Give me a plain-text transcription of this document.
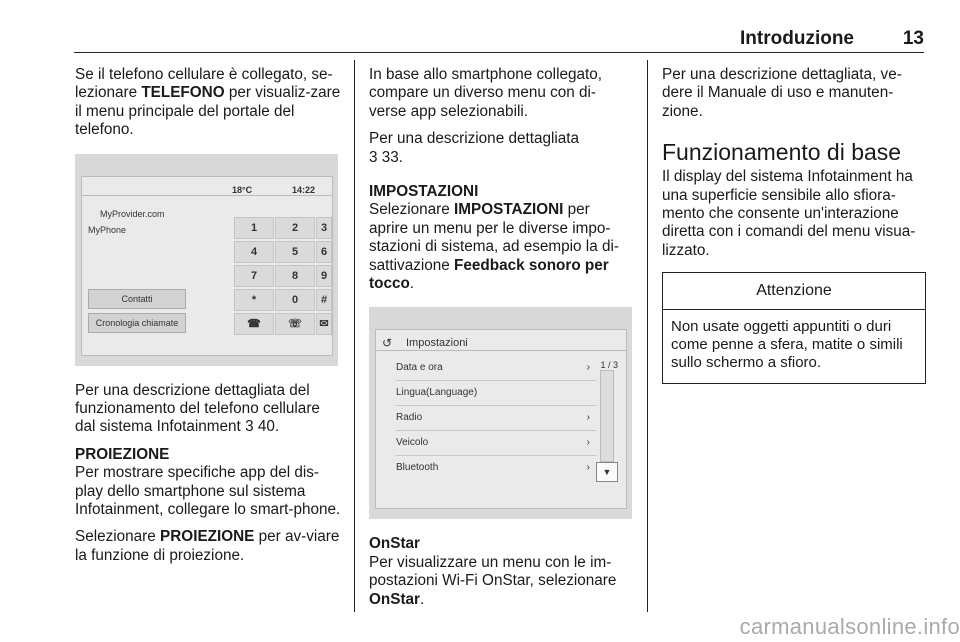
Introduzione	13

Se il telefono cellulare è collegato, se-lezionare TELEFONO per visualiz-zare il menu principale del portale del telefono.

18°C	14:22
MyProvider.com
MyPhone	1	2	3
4	5	6
7	8	9
*	0	#
☎	☏	✉
Contatti
Cronologia chiamate

Per una descrizione dettagliata del funzionamento del telefono cellulare dal sistema Infotainment 3 40.

PROIEZIONE

Per mostrare specifiche app del dis-play dello smartphone sul sistema Infotainment, collegare lo smart-phone.

Selezionare PROIEZIONE per av-viare la funzione di proiezione.

In base allo smartphone collegato, compare un diverso menu con di-verse app selezionabili.

Per una descrizione dettagliata
3 33.

IMPOSTAZIONI

Selezionare IMPOSTAZIONI per aprire un menu per le diverse impo-stazioni di sistema, ad esempio la di-sattivazione Feedback sonoro per tocco.

↺ Impostazioni
1 / 3
Data e ora	›
Lingua(Language)
Radio	›
Veicolo	›
Bluetooth	›	▼

OnStar

Per visualizzare un menu con le im-postazioni Wi-Fi OnStar, selezionare OnStar.

Per una descrizione dettagliata, ve-dere il Manuale di uso e manuten-zione.

Funzionamento di base

Il display del sistema Infotainment ha una superficie sensibile allo sfiora-mento che consente un'interazione diretta con i comandi del menu visua-lizzato.

Attenzione
Non usate oggetti appuntiti o duri come penne a sfera, matite o simili sullo schermo a sfioro.
carmanualsonline.info
